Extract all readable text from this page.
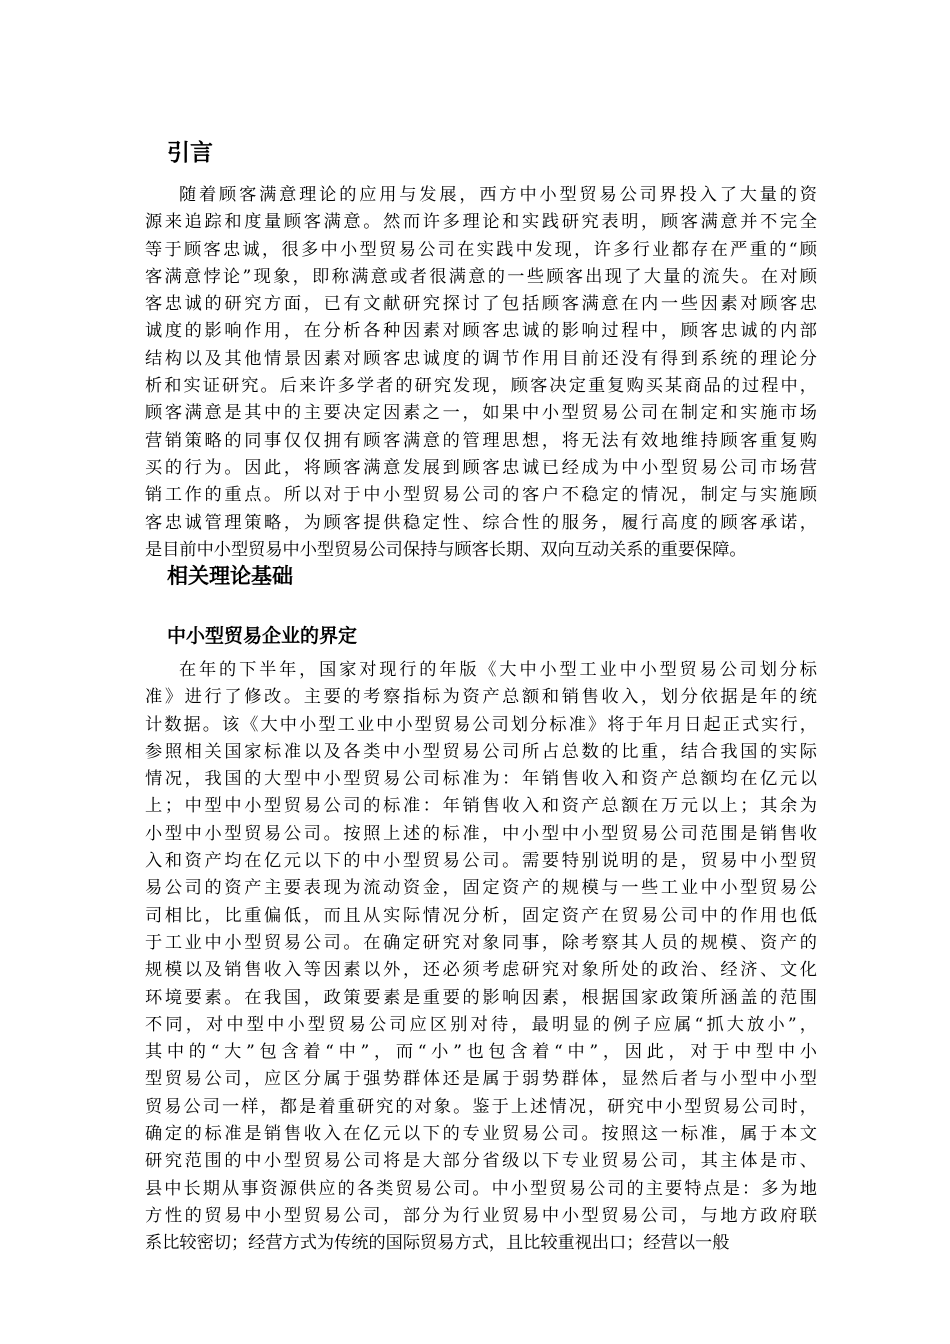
引言
随着顾客满意理论的应用与发展，西方中小型贸易公司界投入了大量的资
源来追踪和度量顾客满意。然而许多理论和实践研究表明，顾客满意并不完全
等于顾客忠诚，很多中小型贸易公司在实践中发现，许多行业都存在严重的“顾
客满意悖论”现象，即称满意或者很满意的一些顾客出现了大量的流失。在对顾
客忠诚的研究方面，已有文献研究探讨了包括顾客满意在内一些因素对顾客忠
诚度的影响作用，在分析各种因素对顾客忠诚的影响过程中，顾客忠诚的内部
结构以及其他情景因素对顾客忠诚度的调节作用目前还没有得到系统的理论分
析和实证研究。后来许多学者的研究发现，顾客决定重复购买某商品的过程中，
顾客满意是其中的主要决定因素之一，如果中小型贸易公司在制定和实施市场
营销策略的同事仅仅拥有顾客满意的管理思想，将无法有效地维持顾客重复购
买的行为。因此，将顾客满意发展到顾客忠诚已经成为中小型贸易公司市场营
销工作的重点。所以对于中小型贸易公司的客户不稳定的情况，制定与实施顾
客忠诚管理策略，为顾客提供稳定性、综合性的服务，履行高度的顾客承诺，
是目前中小型贸易中小型贸易公司保持与顾客长期、双向互动关系的重要保障。
相关理论基础
中小型贸易企业的界定
在年的下半年，国家对现行的年版《大中小型工业中小型贸易公司划分标
准》进行了修改。主要的考察指标为资产总额和销售收入，划分依据是年的统
计数据。该《大中小型工业中小型贸易公司划分标准》将于年月日起正式实行，
参照相关国家标准以及各类中小型贸易公司所占总数的比重，结合我国的实际
情况，我国的大型中小型贸易公司标准为：年销售收入和资产总额均在亿元以
上；中型中小型贸易公司的标准：年销售收入和资产总额在万元以上；其余为
小型中小型贸易公司。按照上述的标准，中小型中小型贸易公司范围是销售收
入和资产均在亿元以下的中小型贸易公司。需要特别说明的是，贸易中小型贸
易公司的资产主要表现为流动资金，固定资产的规模与一些工业中小型贸易公
司相比，比重偏低，而且从实际情况分析，固定资产在贸易公司中的作用也低
于工业中小型贸易公司。在确定研究对象同事，除考察其人员的规模、资产的
规模以及销售收入等因素以外，还必须考虑研究对象所处的政治、经济、文化
环境要素。在我国，政策要素是重要的影响因素，根据国家政策所涵盖的范围
不同，对中型中小型贸易公司应区别对待，最明显的例子应属“抓大放小”，
其中的“大”包含着“中”，而“小”也包含着“中”，因此，对于中型中小
型贸易公司，应区分属于强势群体还是属于弱势群体，显然后者与小型中小型
贸易公司一样，都是着重研究的对象。鉴于上述情况，研究中小型贸易公司时，
确定的标准是销售收入在亿元以下的专业贸易公司。按照这一标准，属于本文
研究范围的中小型贸易公司将是大部分省级以下专业贸易公司，其主体是市、
县中长期从事资源供应的各类贸易公司。中小型贸易公司的主要特点是：多为地
方性的贸易中小型贸易公司，部分为行业贸易中小型贸易公司，与地方政府联
系比较密切；经营方式为传统的国际贸易方式，且比较重视出口；经营以一般
